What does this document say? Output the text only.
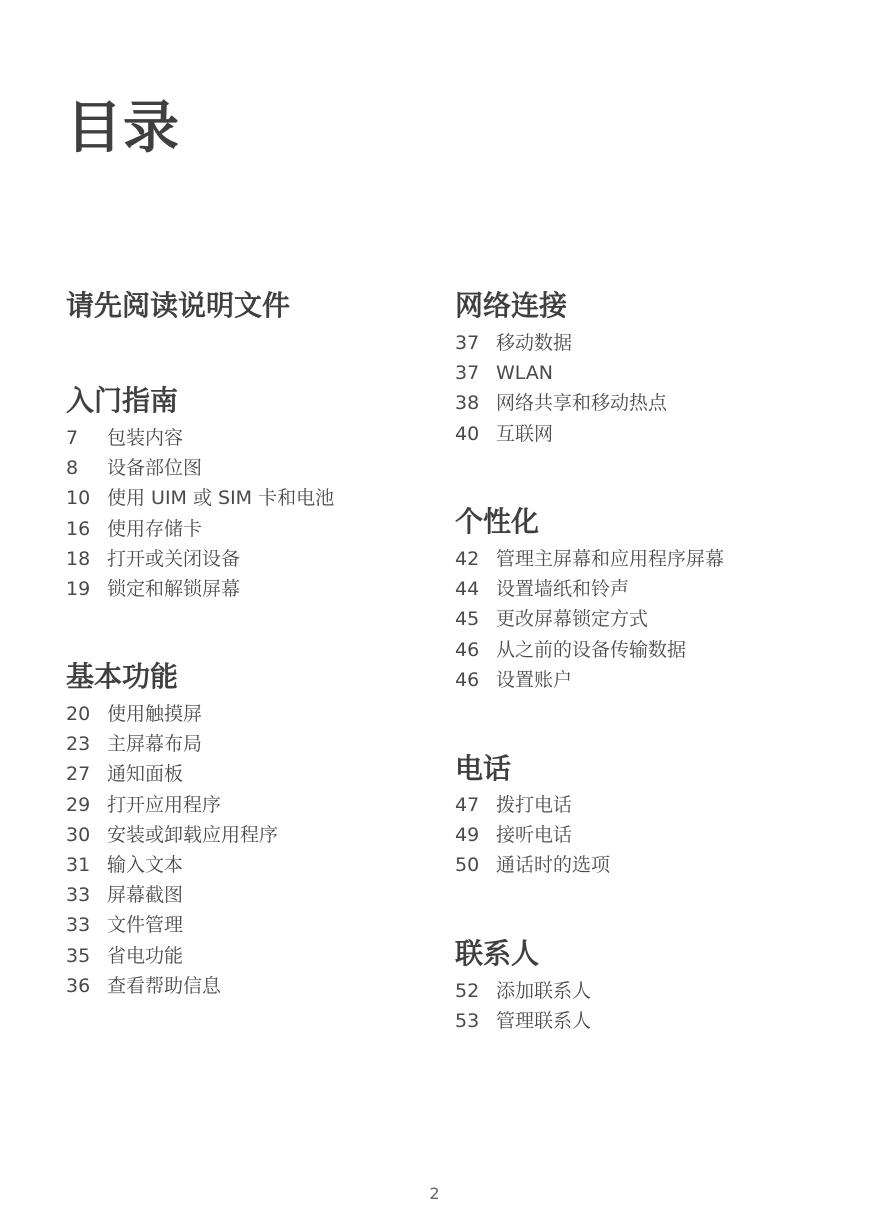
目录
请先阅读说明文件
入门指南
7 包装内容
8 设备部位图
10 使用 UIM 或 SIM 卡和电池
16 使用存储卡
18 打开或关闭设备
19 锁定和解锁屏幕
基本功能
20 使用触摸屏
23 主屏幕布局
27 通知面板
29 打开应用程序
30 安装或卸载应用程序
31 输入文本
33 屏幕截图
33 文件管理
35 省电功能
36 查看帮助信息
网络连接
37 移动数据
37 WLAN
38 网络共享和移动热点
40 互联网
个性化
42 管理主屏幕和应用程序屏幕
44 设置墙纸和铃声
45 更改屏幕锁定方式
46 从之前的设备传输数据
46 设置账户
电话
47 拨打电话
49 接听电话
50 通话时的选项
联系人
52 添加联系人
53 管理联系人
2
